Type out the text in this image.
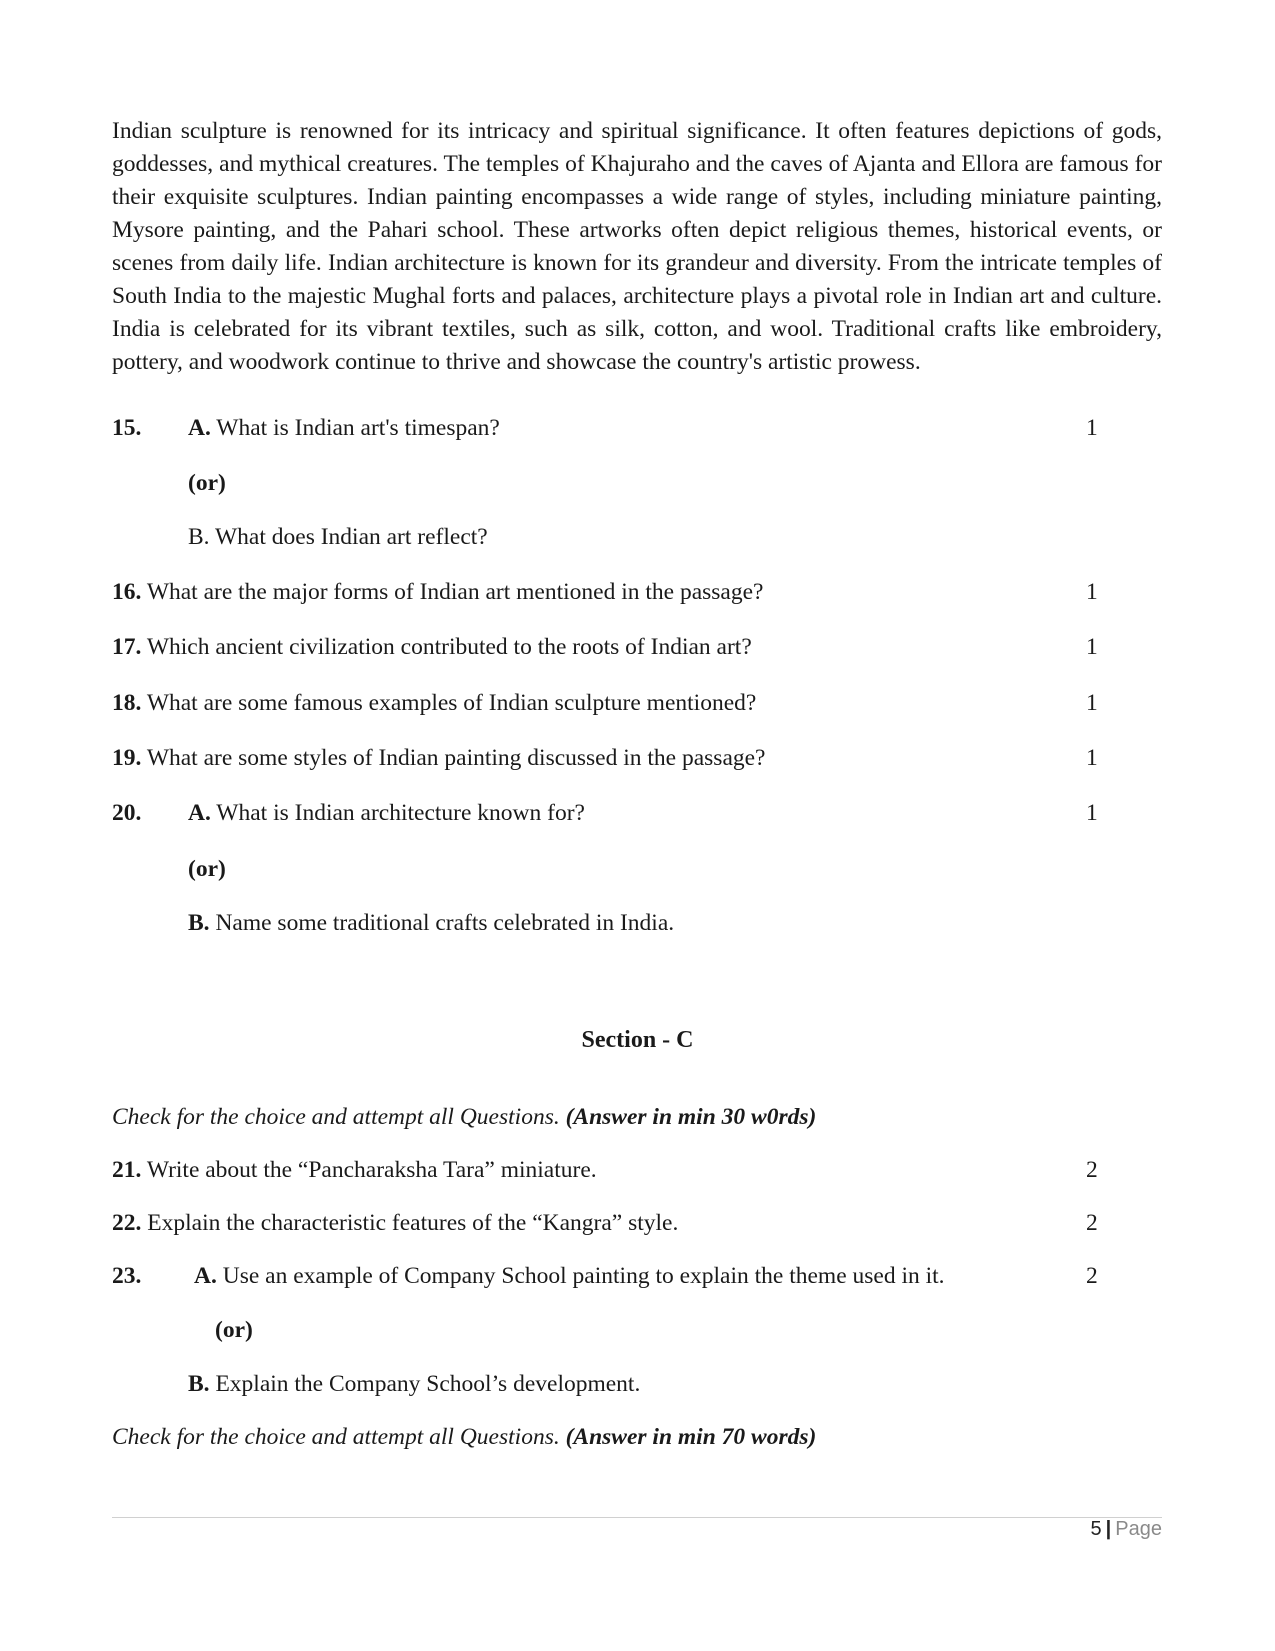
Indian sculpture is renowned for its intricacy and spiritual significance. It often features depictions of gods, goddesses, and mythical creatures. The temples of Khajuraho and the caves of Ajanta and Ellora are famous for their exquisite sculptures. Indian painting encompasses a wide range of styles, including miniature painting, Mysore painting, and the Pahari school. These artworks often depict religious themes, historical events, or scenes from daily life. Indian architecture is known for its grandeur and diversity. From the intricate temples of South India to the majestic Mughal forts and palaces, architecture plays a pivotal role in Indian art and culture. India is celebrated for its vibrant textiles, such as silk, cotton, and wool. Traditional crafts like embroidery, pottery, and woodwork continue to thrive and showcase the country's artistic prowess.

15. A. What is Indian art's timespan?	1
(or)
B. What does Indian art reflect?
16. What are the major forms of Indian art mentioned in the passage?	1
17. Which ancient civilization contributed to the roots of Indian art?	1
18. What are some famous examples of Indian sculpture mentioned?	1
19. What are some styles of Indian painting discussed in the passage?	1
20. A. What is Indian architecture known for?	1
(or)
B. Name some traditional crafts celebrated in India.
Section - C
Check for the choice and attempt all Questions. (Answer in min 30 w0rds)
21. Write about the “Pancharaksha Tara” miniature.	2
22. Explain the characteristic features of the “Kangra” style.	2
23. A. Use an example of Company School painting to explain the theme used in it.	2
(or)
B. Explain the Company School’s development.
Check for the choice and attempt all Questions. (Answer in min 70 words)
5 | Page
